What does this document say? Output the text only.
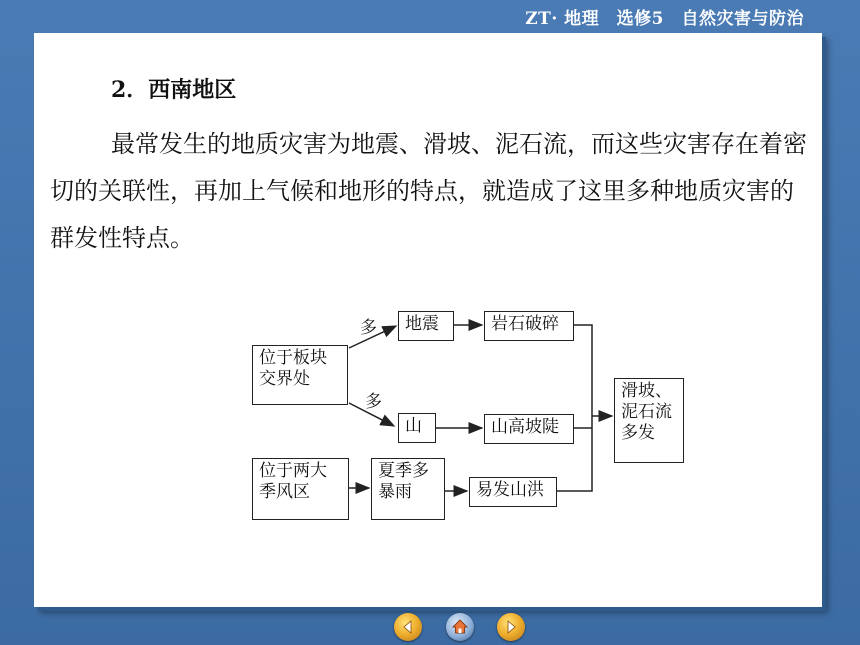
ZT· 地理　选修5　自然灾害与防治
2．西南地区

最常发生的地质灾害为地震、滑坡、泥石流，而这些灾害存在着密切的关联性，再加上气候和地形的特点，就造成了这里多种地质灾害的群发性特点。

多
多
位于板块
交界处
地震	岩石破碎
山	山高坡陡
滑坡、
泥石流
多发
位于两大
季风区
夏季多
暴雨	易发山洪
